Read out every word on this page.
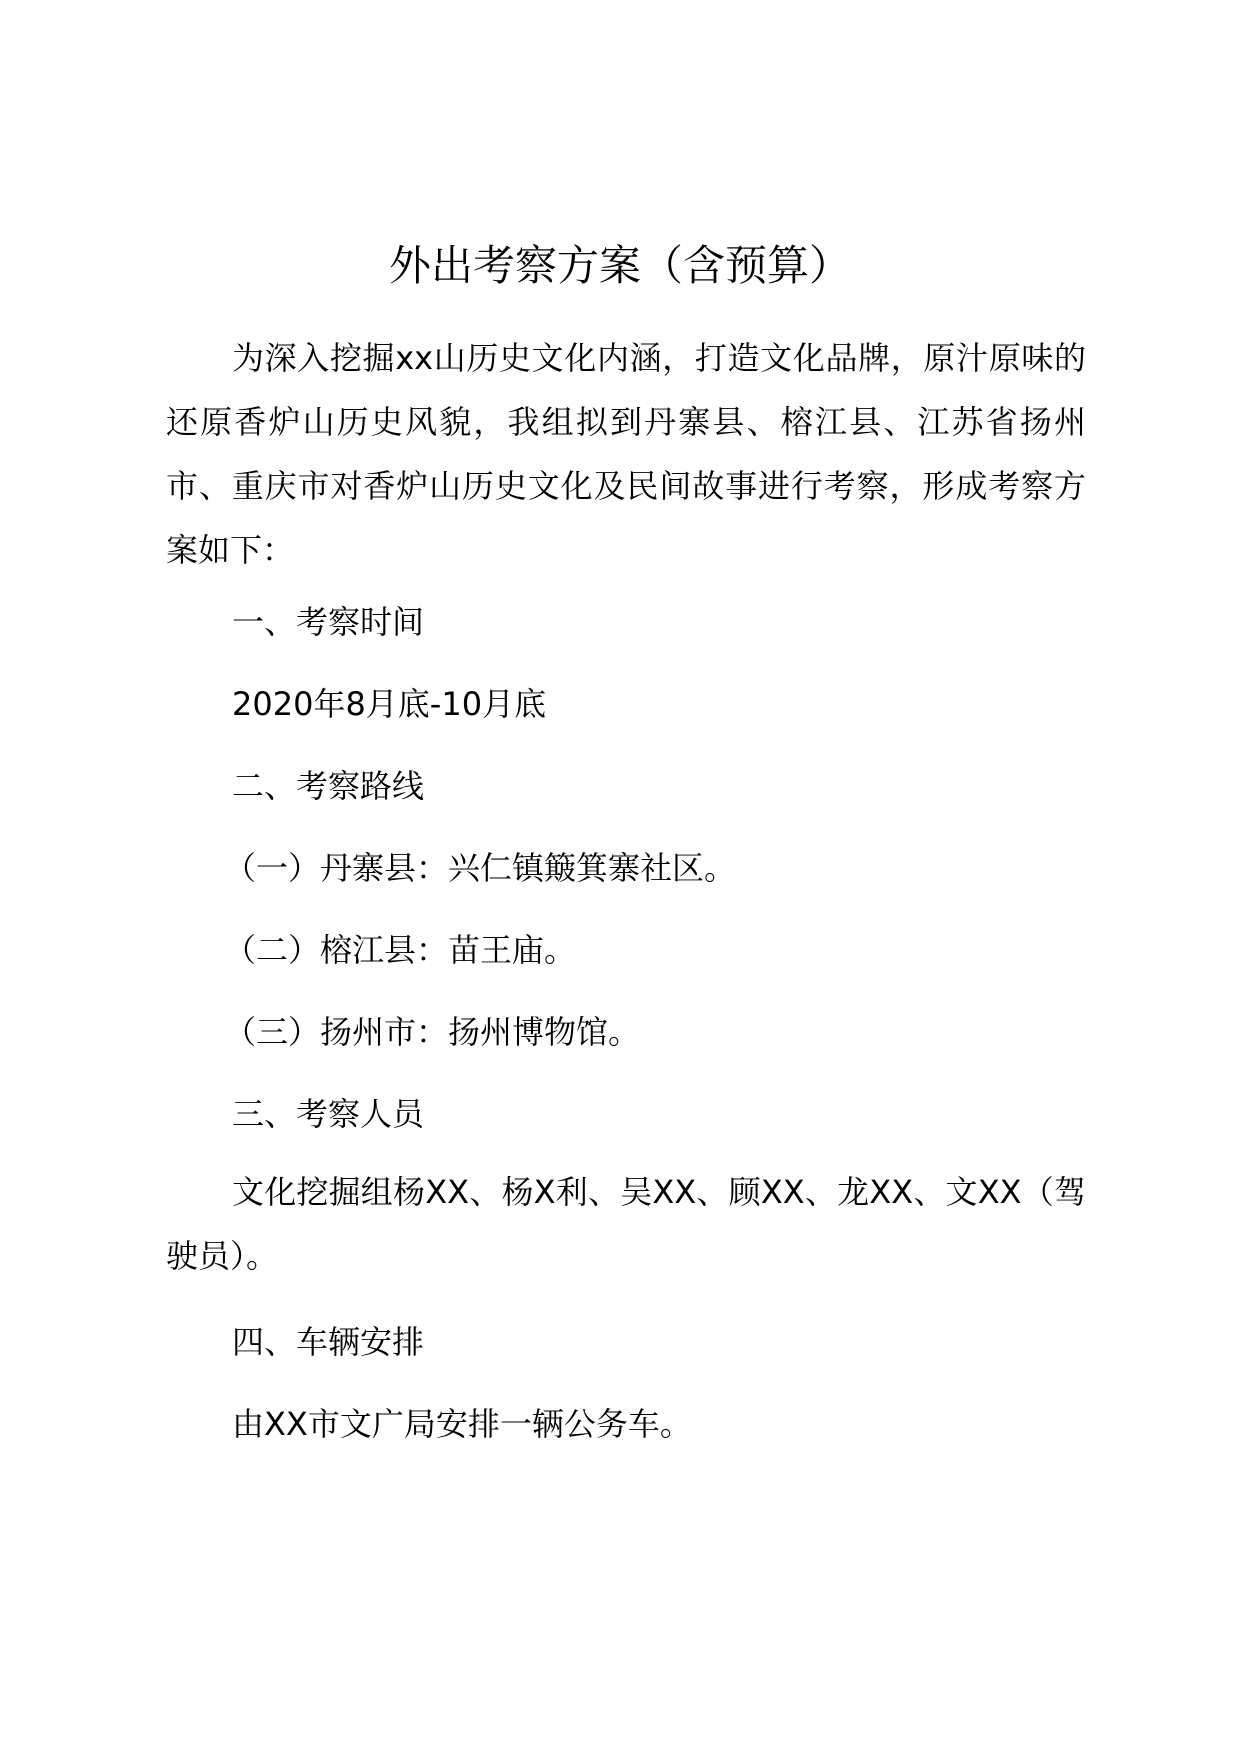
外出考察方案（含预算）

为深入挖掘xx山历史文化内涵，打造文化品牌，原汁原味的还原香炉山历史风貌，我组拟到丹寨县、榕江县、江苏省扬州市、重庆市对香炉山历史文化及民间故事进行考察，形成考察方案如下：

一、考察时间

2020年8月底-10月底

二、考察路线

（一）丹寨县：兴仁镇簸箕寨社区。

（二）榕江县：苗王庙。

（三）扬州市：扬州博物馆。

三、考察人员

文化挖掘组杨XX、杨X利、吴XX、顾XX、龙XX、文XX（驾驶员）。

四、车辆安排

由XX市文广局安排一辆公务车。
